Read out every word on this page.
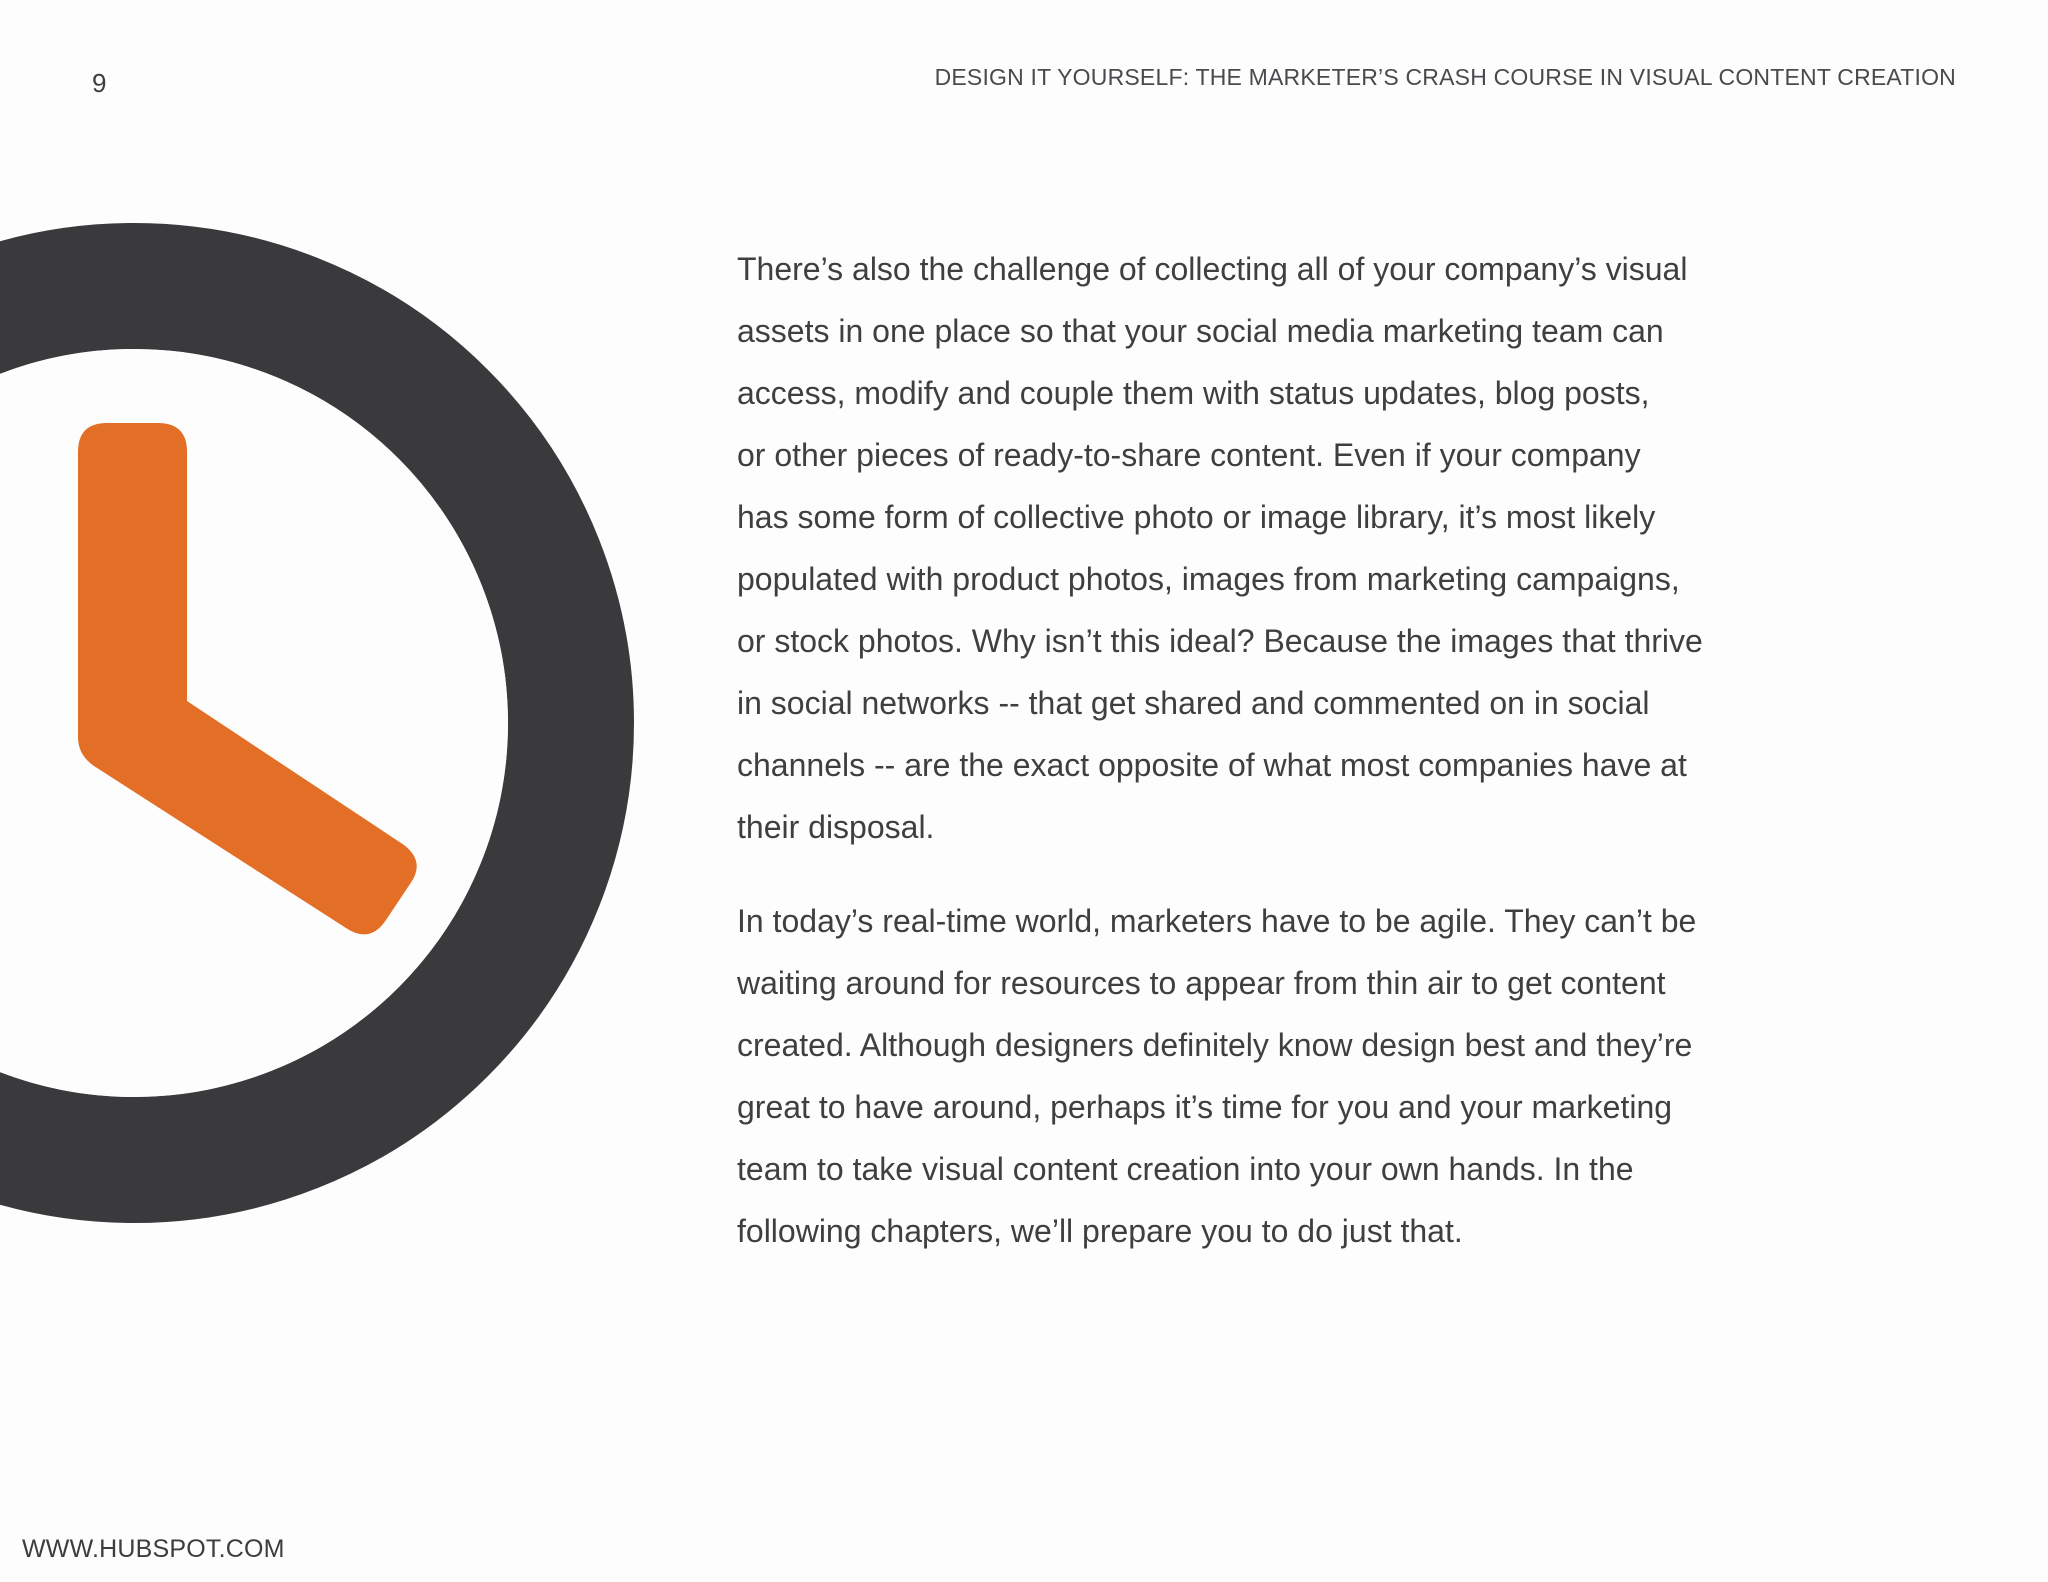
9	DESIGN IT YOURSELF: THE MARKETER’S CRASH COURSE IN VISUAL CONTENT CREATION

There’s also the challenge of collecting all of your company’s visual
assets in one place so that your social media marketing team can
access, modify and couple them with status updates, blog posts,
or other pieces of ready-to-share content. Even if your company
has some form of collective photo or image library, it’s most likely
populated with product photos, images from marketing campaigns,
or stock photos. Why isn’t this ideal? Because the images that thrive
in social networks -- that get shared and commented on in social
channels -- are the exact opposite of what most companies have at
their disposal.

In today’s real-time world, marketers have to be agile. They can’t be
waiting around for resources to appear from thin air to get content
created. Although designers definitely know design best and they’re
great to have around, perhaps it’s time for you and your marketing
team to take visual content creation into your own hands. In the
following chapters, we’ll prepare you to do just that.

WWW.HUBSPOT.COM
